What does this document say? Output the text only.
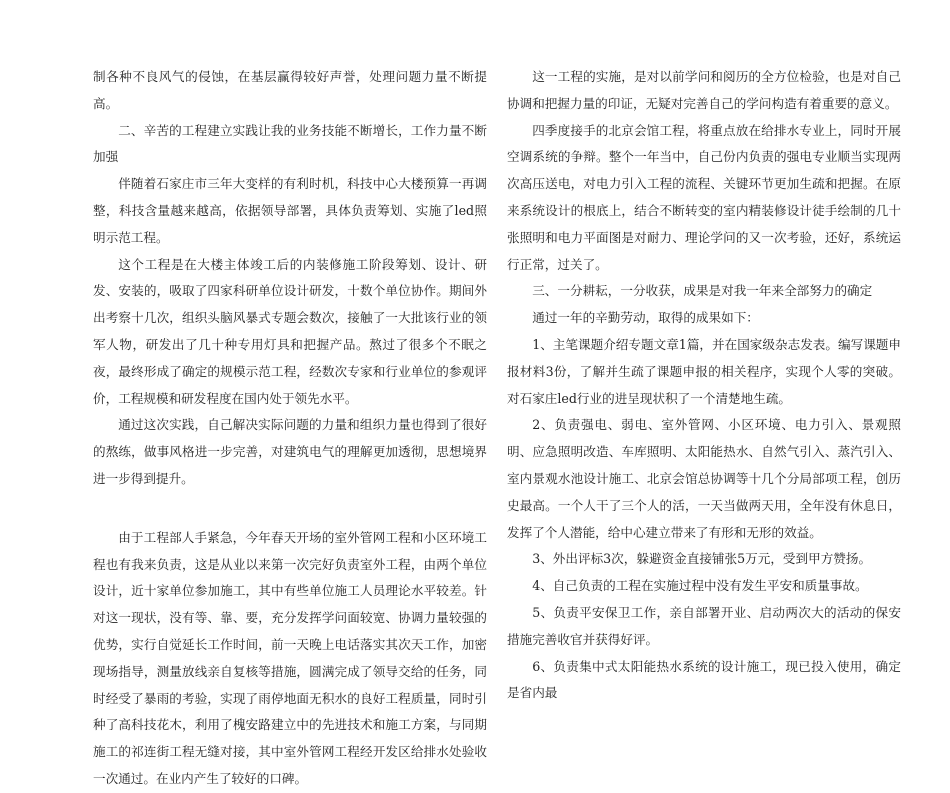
制各种不良风气的侵蚀，在基层赢得较好声誉，处理问题力量不断提高。

二、辛苦的工程建立实践让我的业务技能不断增长，工作力量不断加强

伴随着石家庄市三年大变样的有利时机，科技中心大楼预算一再调整，科技含量越来越高，依据领导部署，具体负责筹划、实施了led照明示范工程。

这个工程是在大楼主体竣工后的内装修施工阶段筹划、设计、研发、安装的，吸取了四家科研单位设计研发，十数个单位协作。期间外出考察十几次，组织头脑风暴式专题会数次，接触了一大批该行业的领军人物，研发出了几十种专用灯具和把握产品。熬过了很多个不眠之夜，最终形成了确定的规模示范工程，经数次专家和行业单位的参观评价，工程规模和研发程度在国内处于领先水平。

通过这次实践，自己解决实际问题的力量和组织力量也得到了很好的熬练，做事风格进一步完善，对建筑电气的理解更加透彻，思想境界进一步得到提升。

由于工程部人手紧急，今年春天开场的室外管网工程和小区环境工程也有我来负责，这是从业以来第一次完好负责室外工程，由两个单位设计，近十家单位参加施工，其中有些单位施工人员理论水平较差。针对这一现状，没有等、靠、要，充分发挥学问面较宽、协调力量较强的优势，实行自觉延长工作时间，前一天晚上电话落实其次天工作，加密现场指导，测量放线亲自复核等措施，圆满完成了领导交给的任务，同时经受了暴雨的考验，实现了雨停地面无积水的良好工程质量，同时引种了高科技花木，利用了槐安路建立中的先进技术和施工方案，与同期施工的祁连街工程无缝对接，其中室外管网工程经开发区给排水处验收一次通过。在业内产生了较好的口碑。

这一工程的实施，是对以前学问和阅历的全方位检验，也是对自己协调和把握力量的印证，无疑对完善自己的学问构造有着重要的意义。

四季度接手的北京会馆工程，将重点放在给排水专业上，同时开展空调系统的争辩。整个一年当中，自己份内负责的强电专业顺当实现两次高压送电，对电力引入工程的流程、关键环节更加生疏和把握。在原来系统设计的根底上，结合不断转变的室内精装修设计徒手绘制的几十张照明和电力平面图是对耐力、理论学问的又一次考验，还好，系统运行正常，过关了。

三、一分耕耘，一分收获，成果是对我一年来全部努力的确定

通过一年的辛勤劳动，取得的成果如下：

1、主笔课题介绍专题文章1篇，并在国家级杂志发表。编写课题申报材料3份，了解并生疏了课题申报的相关程序，实现个人零的突破。对石家庄led行业的进呈现状积了一个清楚地生疏。

2、负责强电、弱电、室外管网、小区环境、电力引入、景观照明、应急照明改造、车库照明、太阳能热水、自然气引入、蒸汽引入、室内景观水池设计施工、北京会馆总协调等十几个分局部项工程，创历史最高。一个人干了三个人的活，一天当做两天用，全年没有休息日，发挥了个人潜能，给中心建立带来了有形和无形的效益。

3、外出评标3次，躲避资金直接铺张5万元，受到甲方赞扬。

4、自己负责的工程在实施过程中没有发生平安和质量事故。

5、负责平安保卫工作，亲自部署开业、启动两次大的活动的保安措施完善收官并获得好评。

6、负责集中式太阳能热水系统的设计施工，现已投入使用，确定是省内最
